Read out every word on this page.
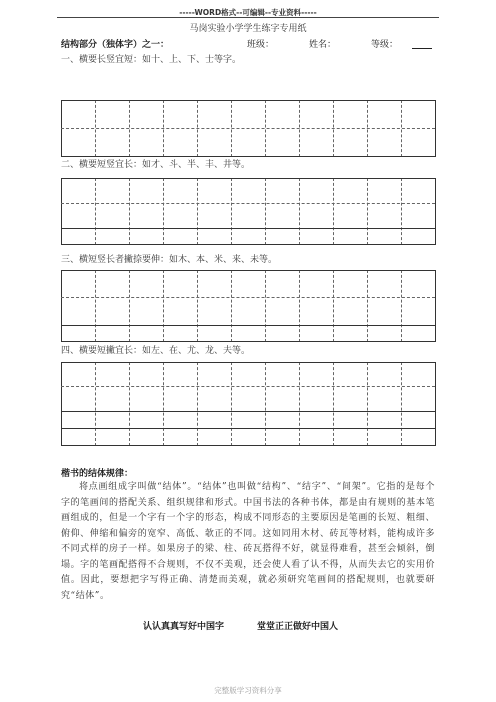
-----WORD格式--可编辑--专业资料-----
马岗实验小学学生练字专用纸
结构部分（独体字）之一：	班级：	姓名：	等级：
一、横要长竖宜短：如十、上、下、士等字。
二、横要短竖宜长：如才、斗、半、丰、井等。
三、横短竖长者撇捺要伸：如木、本、米、来、未等。
四、横要短撇宜长：如左、在、尤、龙、夫等。
楷书的结体规律：

将点画组成字叫做“结体”。“结体”也叫做“结构”、“结字”、“间架”。它指的是每个字的笔画间的搭配关系、组织规律和形式。中国书法的各种书体，都是由有规则的基本笔画组成的，但是一个字有一个字的形态，构成不同形态的主要原因是笔画的长短、粗细、俯仰、伸缩和偏旁的宽窄、高低、欹正的不同。这如同用木材、砖瓦等材料，能构成许多不同式样的房子一样。如果房子的梁、柱、砖瓦搭得不好，就显得难看，甚至会倾斜，倒塌。字的笔画配搭得不合规则，不仅不美观，还会使人看了认不得，从而失去它的实用价值。因此，要想把字写得正确、清楚而美观，就必须研究笔画间的搭配规则，也就要研究“结体”。

认认真真写好中国字	堂堂正正做好中国人
完整版学习资料分享
